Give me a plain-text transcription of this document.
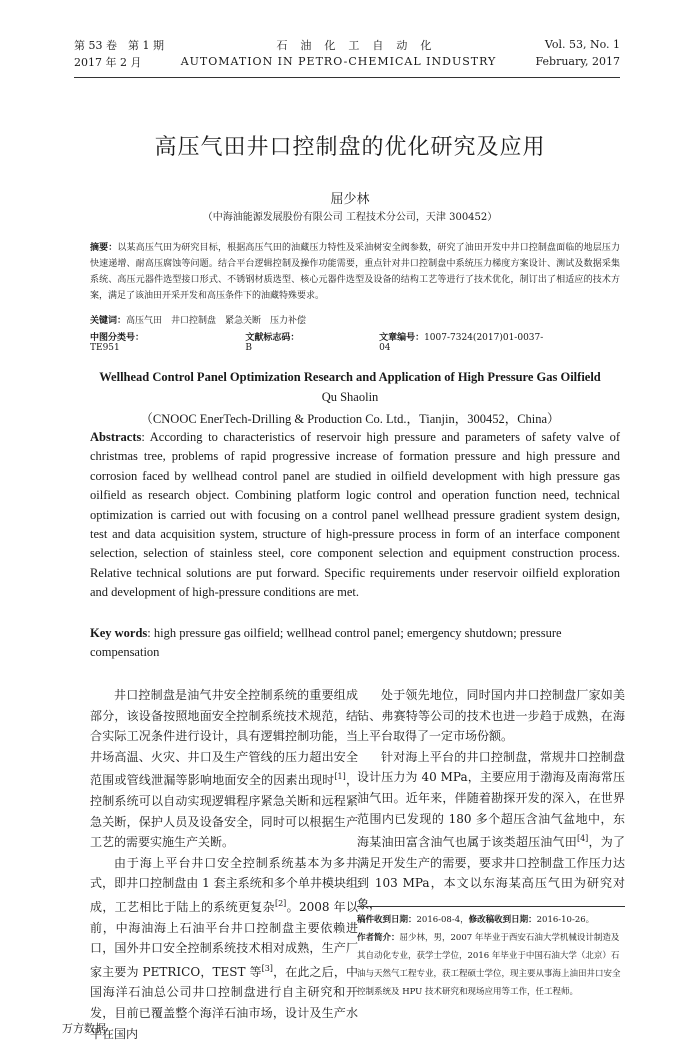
第 53 卷　第 1 期	石　油　化　工　自　动　化	Vol. 53, No. 1
2017 年 2 月	AUTOMATION IN PETRO-CHEMICAL INDUSTRY	February, 2017
高压气田井口控制盘的优化研究及应用
屈少林
（中海油能源发展股份有限公司 工程技术分公司，天津 300452）
摘要：以某高压气田为研究目标，根据高压气田的油藏压力特性及采油树安全阀参数，研究了油田开发中井口控制盘面临的地层压力快速递增、耐高压腐蚀等问题。结合平台逻辑控制及操作功能需要，重点针对井口控制盘中系统压力梯度方案设计、测试及数据采集系统、高压元器件选型接口形式、不锈钢材质选型、核心元器件选型及设备的结构工艺等进行了技术优化，制订出了相适应的技术方案，满足了该油田开采开发和高压条件下的油藏特殊要求。
关键词： 高压气田　井口控制盘　紧急关断　压力补偿
中图分类号：TE951
文献标志码：B
文章编号：1007-7324(2017)01-0037-04
Wellhead Control Panel Optimization Research and Application of High Pressure Gas Oilfield
Qu Shaolin
（CNOOC EnerTech-Drilling & Production Co. Ltd.，Tianjin，300452，China）
Abstracts: According to characteristics of reservoir high pressure and parameters of safety valve of christmas tree, problems of rapid progressive increase of formation pressure and high pressure and corrosion faced by wellhead control panel are studied in oilfield development with high pressure gas oilfield as research object. Combining platform logic control and operation function need, technical optimization is carried out with focusing on a control panel wellhead pressure gradient system design, test and data acquisition system, structure of high-pressure process in form of an interface component selection, selection of stainless steel, core component selection and equipment construction process. Relative technical solutions are put forward. Specific requirements under reservoir oilfield exploration and development of high-pressure conditions are met.
Key words: high pressure gas oilfield; wellhead control panel; emergency shutdown; pressure compensation

井口控制盘是油气井安全控制系统的重要组成部分，该设备按照地面安全控制系统技术规范，结合实际工况条件进行设计，具有逻辑控制功能，当井场高温、火灾、井口及生产管线的压力超出安全范围或管线泄漏等影响地面安全的因素出现时[1]，控制系统可以自动实现逻辑程序紧急关断和远程紧急关断，保护人员及设备安全，同时可以根据生产工艺的需要实施生产关断。

由于海上平台井口安全控制系统基本为多井式，即井口控制盘由 1 套主系统和多个单井模块组成，工艺相比于陆上的系统更复杂[2]。2008 年以前，中海油海上石油平台井口控制盘主要依赖进口，国外井口安全控制系统技术相对成熟，生产厂家主要为 PETRICO，TEST 等[3]，在此之后，中国海洋石油总公司井口控制盘进行自主研究和开发，目前已覆盖整个海洋石油市场，设计及生产水平在国内

处于领先地位，同时国内井口控制盘厂家如美钻、弗赛特等公司的技术也进一步趋于成熟，在海上平台取得了一定市场份额。

针对海上平台的井口控制盘，常规井口控制盘设计压力为 40 MPa，主要应用于渤海及南海常压油气田。近年来，伴随着勘探开发的深入，在世界范围内已发现的 180 多个超压含油气盆地中，东海某油田富含油气也属于该类超压油气田[4]，为了满足开发生产的需要，要求井口控制盘工作压力达到 103 MPa，本文以东海某高压气田为研究对象，

稿件收到日期：2016-08-4，修改稿收到日期：2016-10-26。
作者简介：屈少林，男，2007 年毕业于西安石油大学机械设计制造及其自动化专业，获学士学位，2016 年毕业于中国石油大学（北京）石油与天然气工程专业，获工程硕士学位，现主要从事海上油田井口安全控制系统及 HPU 技术研究和现场应用等工作，任工程师。
万方数据
